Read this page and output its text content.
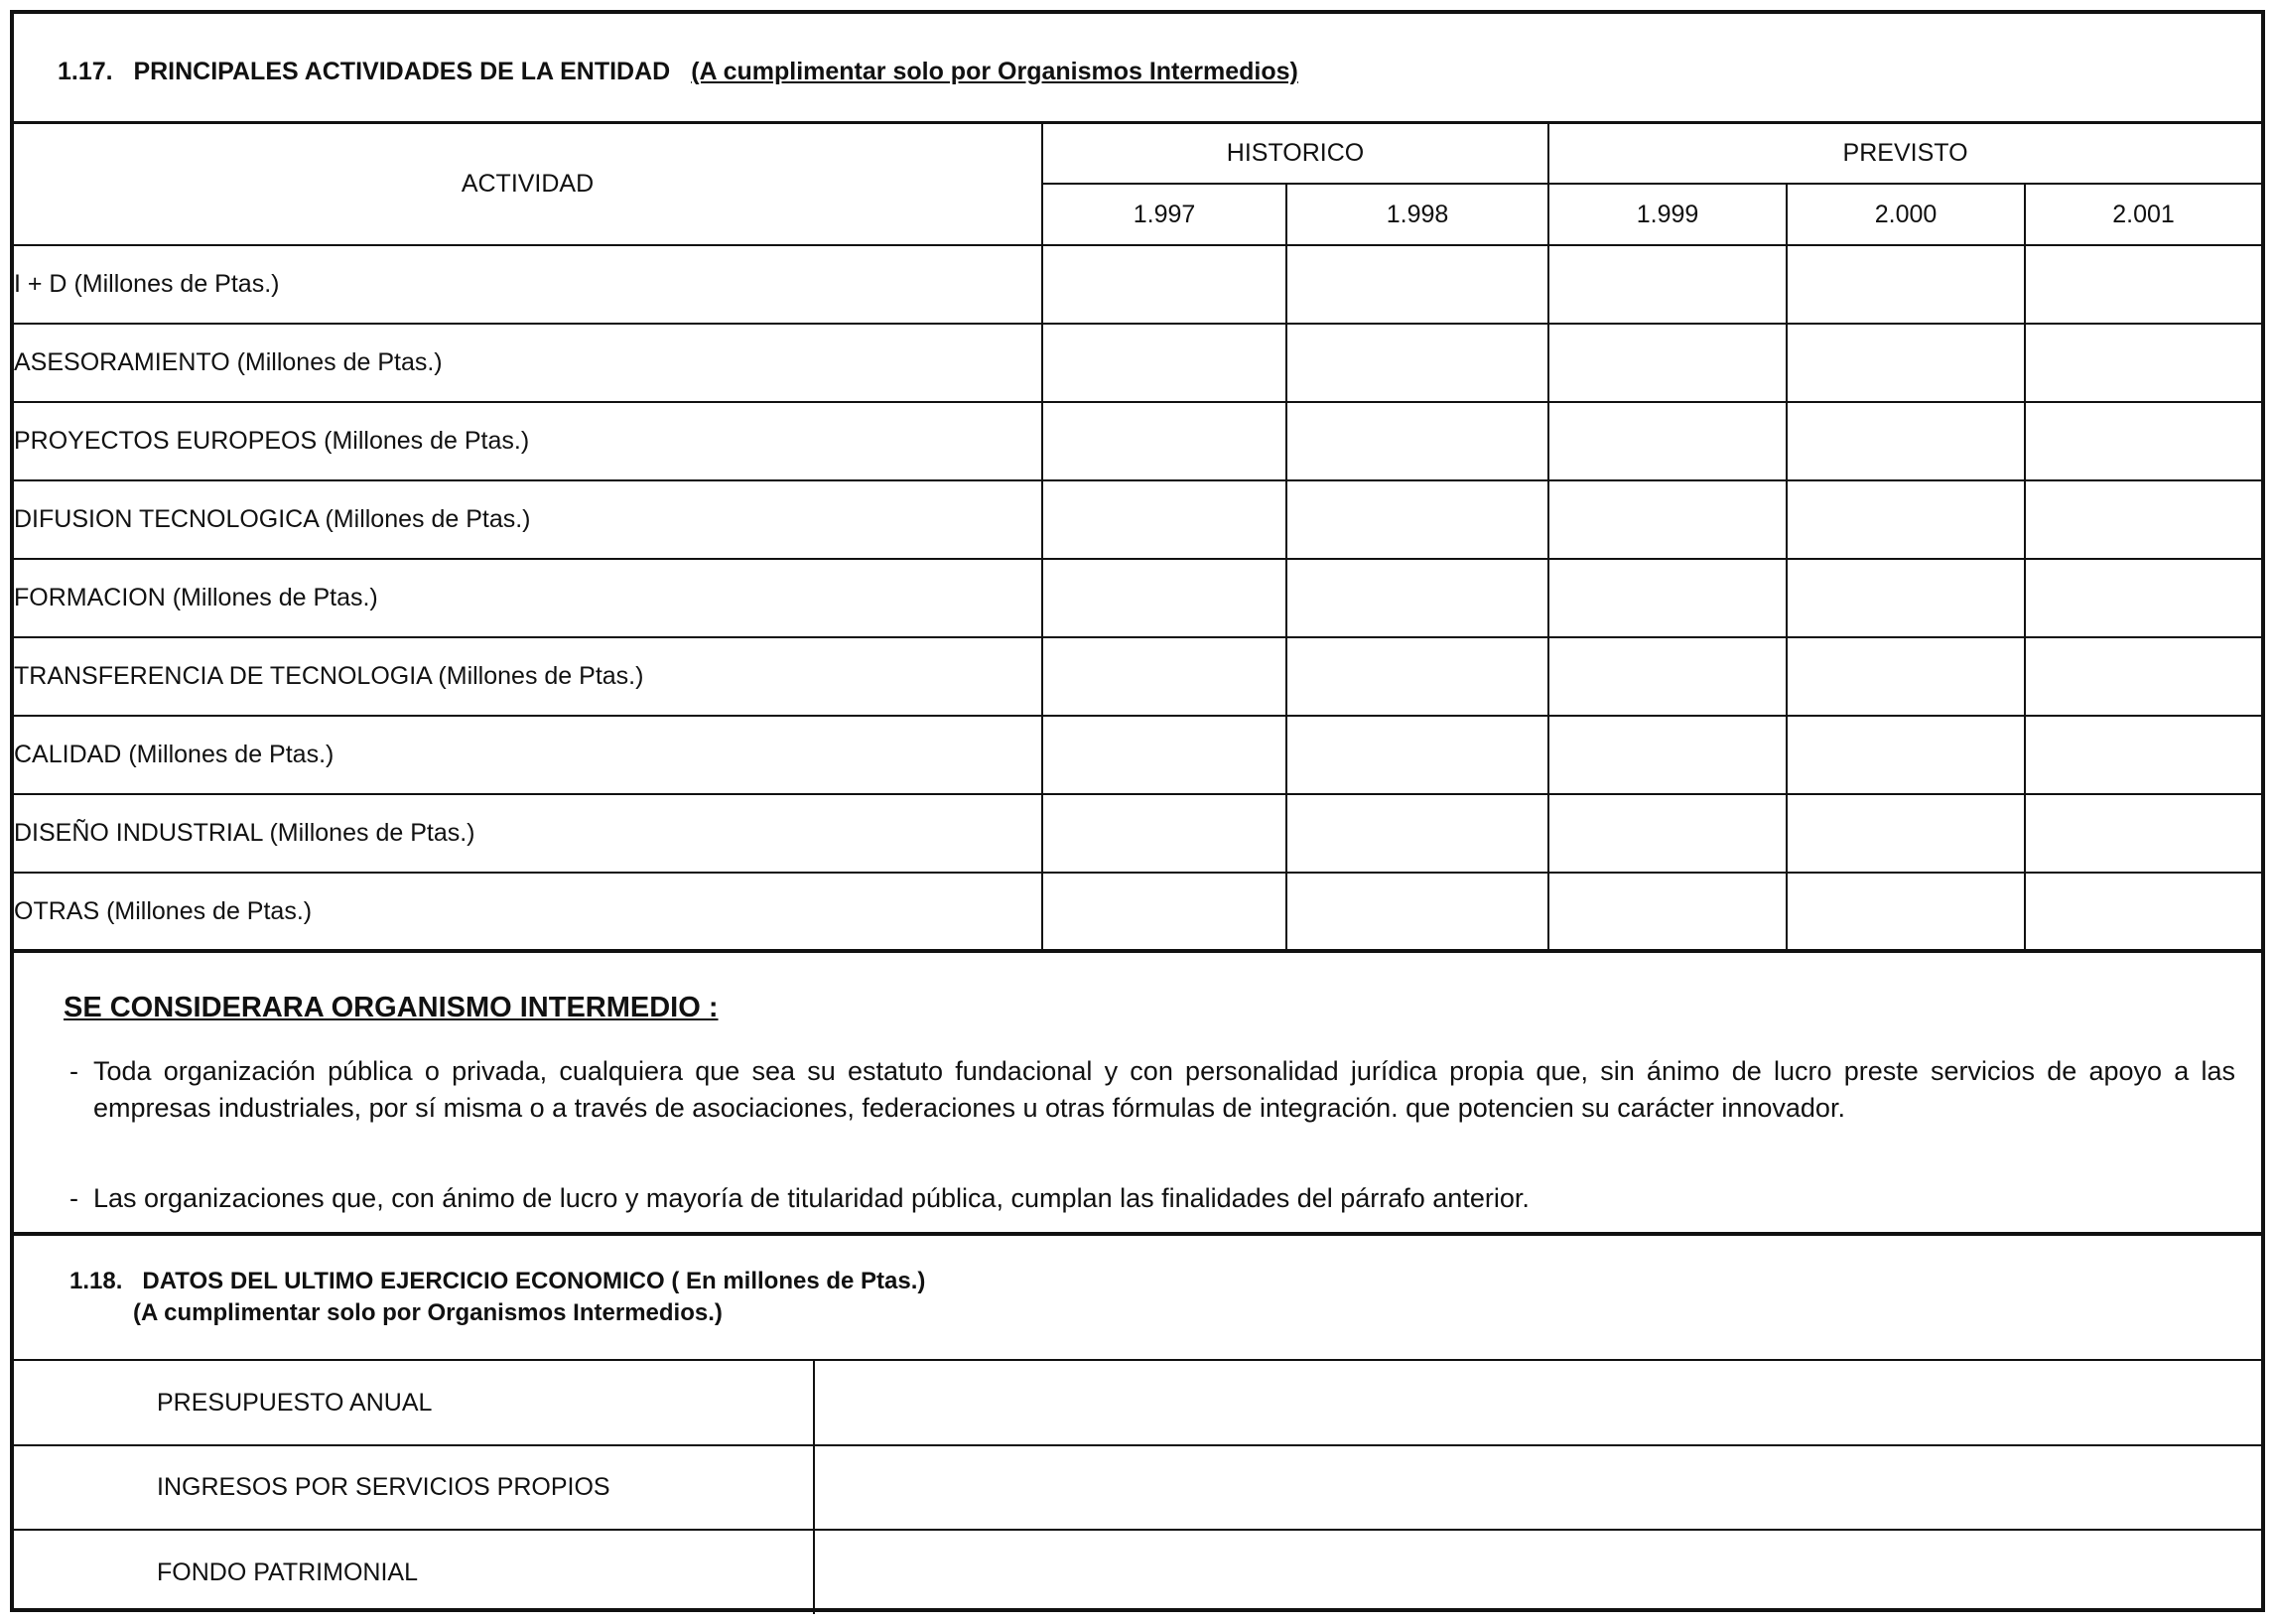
1.17. PRINCIPALES ACTIVIDADES DE LA ENTIDAD (A cumplimentar solo por Organismos Intermedios)
ACTIVIDAD	HISTORICO		PREVISTO		
	1.997	1.998	1.999	2.000	2.001
I + D (Millones de Ptas.)					
ASESORAMIENTO (Millones de Ptas.)					
PROYECTOS EUROPEOS (Millones de Ptas.)					
DIFUSION TECNOLOGICA (Millones de Ptas.)					
FORMACION (Millones de Ptas.)					
TRANSFERENCIA DE TECNOLOGIA (Millones de Ptas.)					
CALIDAD (Millones de Ptas.)					
DISEÑO INDUSTRIAL (Millones de Ptas.)					
OTRAS (Millones de Ptas.)					
SE CONSIDERARA ORGANISMO INTERMEDIO :
- Toda organización pública o privada, cualquiera que sea su estatuto fundacional y con personalidad jurídica propia que, sin ánimo de lucro preste servicios de apoyo a las empresas industriales, por sí misma o a través de asociaciones, federaciones u otras fórmulas de integración. que potencien su carácter innovador.
- Las organizaciones que, con ánimo de lucro y mayoría de titularidad pública, cumplan las finalidades del párrafo anterior.
1.18. DATOS DEL ULTIMO EJERCICIO ECONOMICO ( En millones de Ptas.)
(A cumplimentar solo por Organismos Intermedios.)
PRESUPUESTO ANUAL	
INGRESOS POR SERVICIOS PROPIOS	
FONDO PATRIMONIAL	
